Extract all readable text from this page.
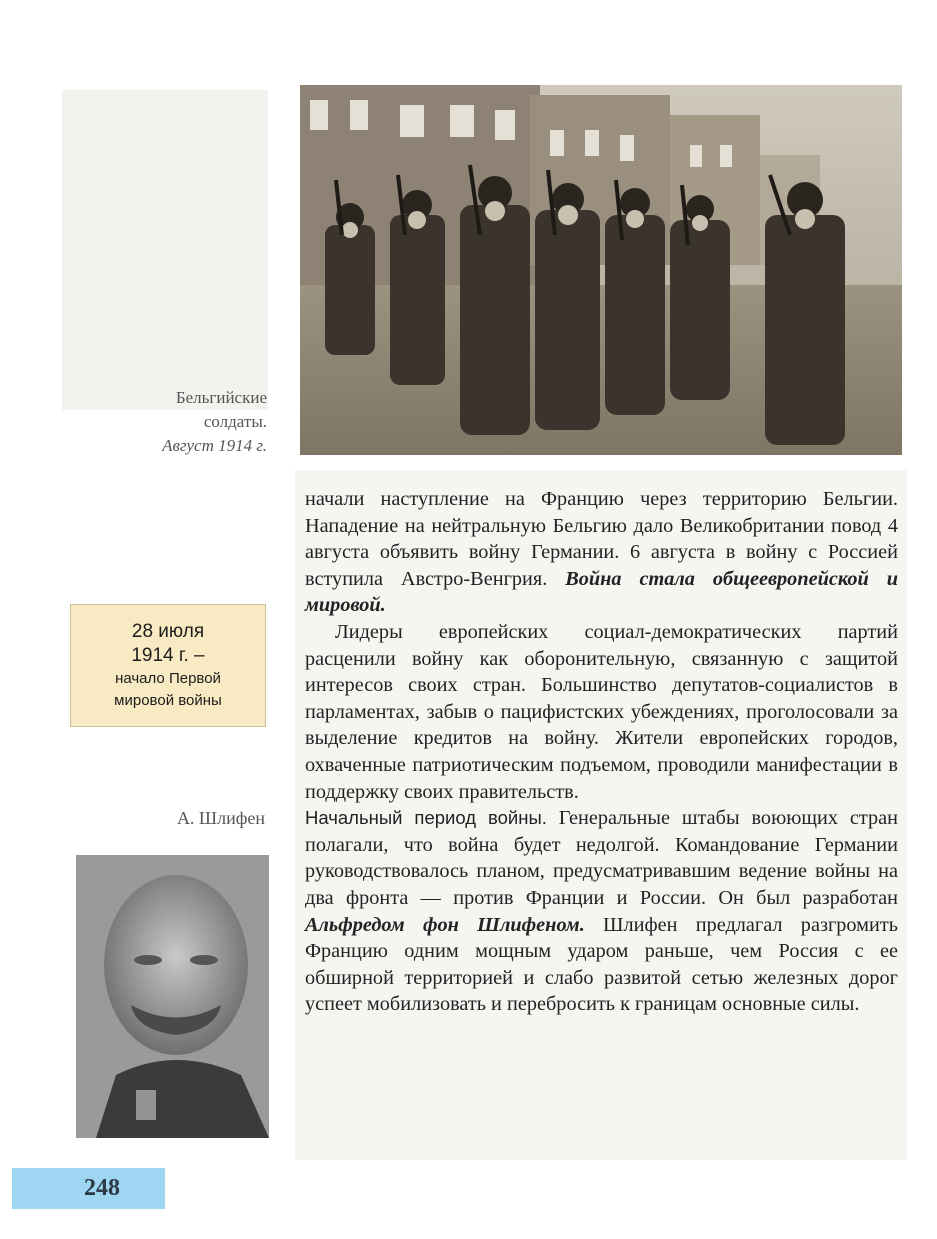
Бельгийские
солдаты.
Август 1914 г.
28 июля
1914 г. –
начало Первой
мировой войны
А. Шлифен

начали наступление на Францию через территорию Бельгии. Нападение на нейтральную Бельгию дало Великобритании повод 4 августа объявить войну Германии. 6 августа в войну с Россией вступила Австро-Венгрия. Война стала общеевропейской и мировой.

Лидеры европейских социал-демократических партий расценили войну как оборонительную, связанную с защитой интересов своих стран. Большинство депутатов-социалистов в парламентах, забыв о пацифистских убеждениях, проголосовали за выделение кредитов на войну. Жители европейских городов, охваченные патриотическим подъемом, проводили манифестации в поддержку своих правительств.

Начальный период войны. Генеральные штабы воюющих стран полагали, что война будет недолгой. Командование Германии руководствовалось планом, предусматривавшим ведение войны на два фронта — против Франции и России. Он был разработан Альфредом фон Шлифеном. Шлифен предлагал разгромить Францию одним мощным ударом раньше, чем Россия с ее обширной территорией и слабо развитой сетью железных дорог успеет мобилизовать и перебросить к границам основные силы.

248
